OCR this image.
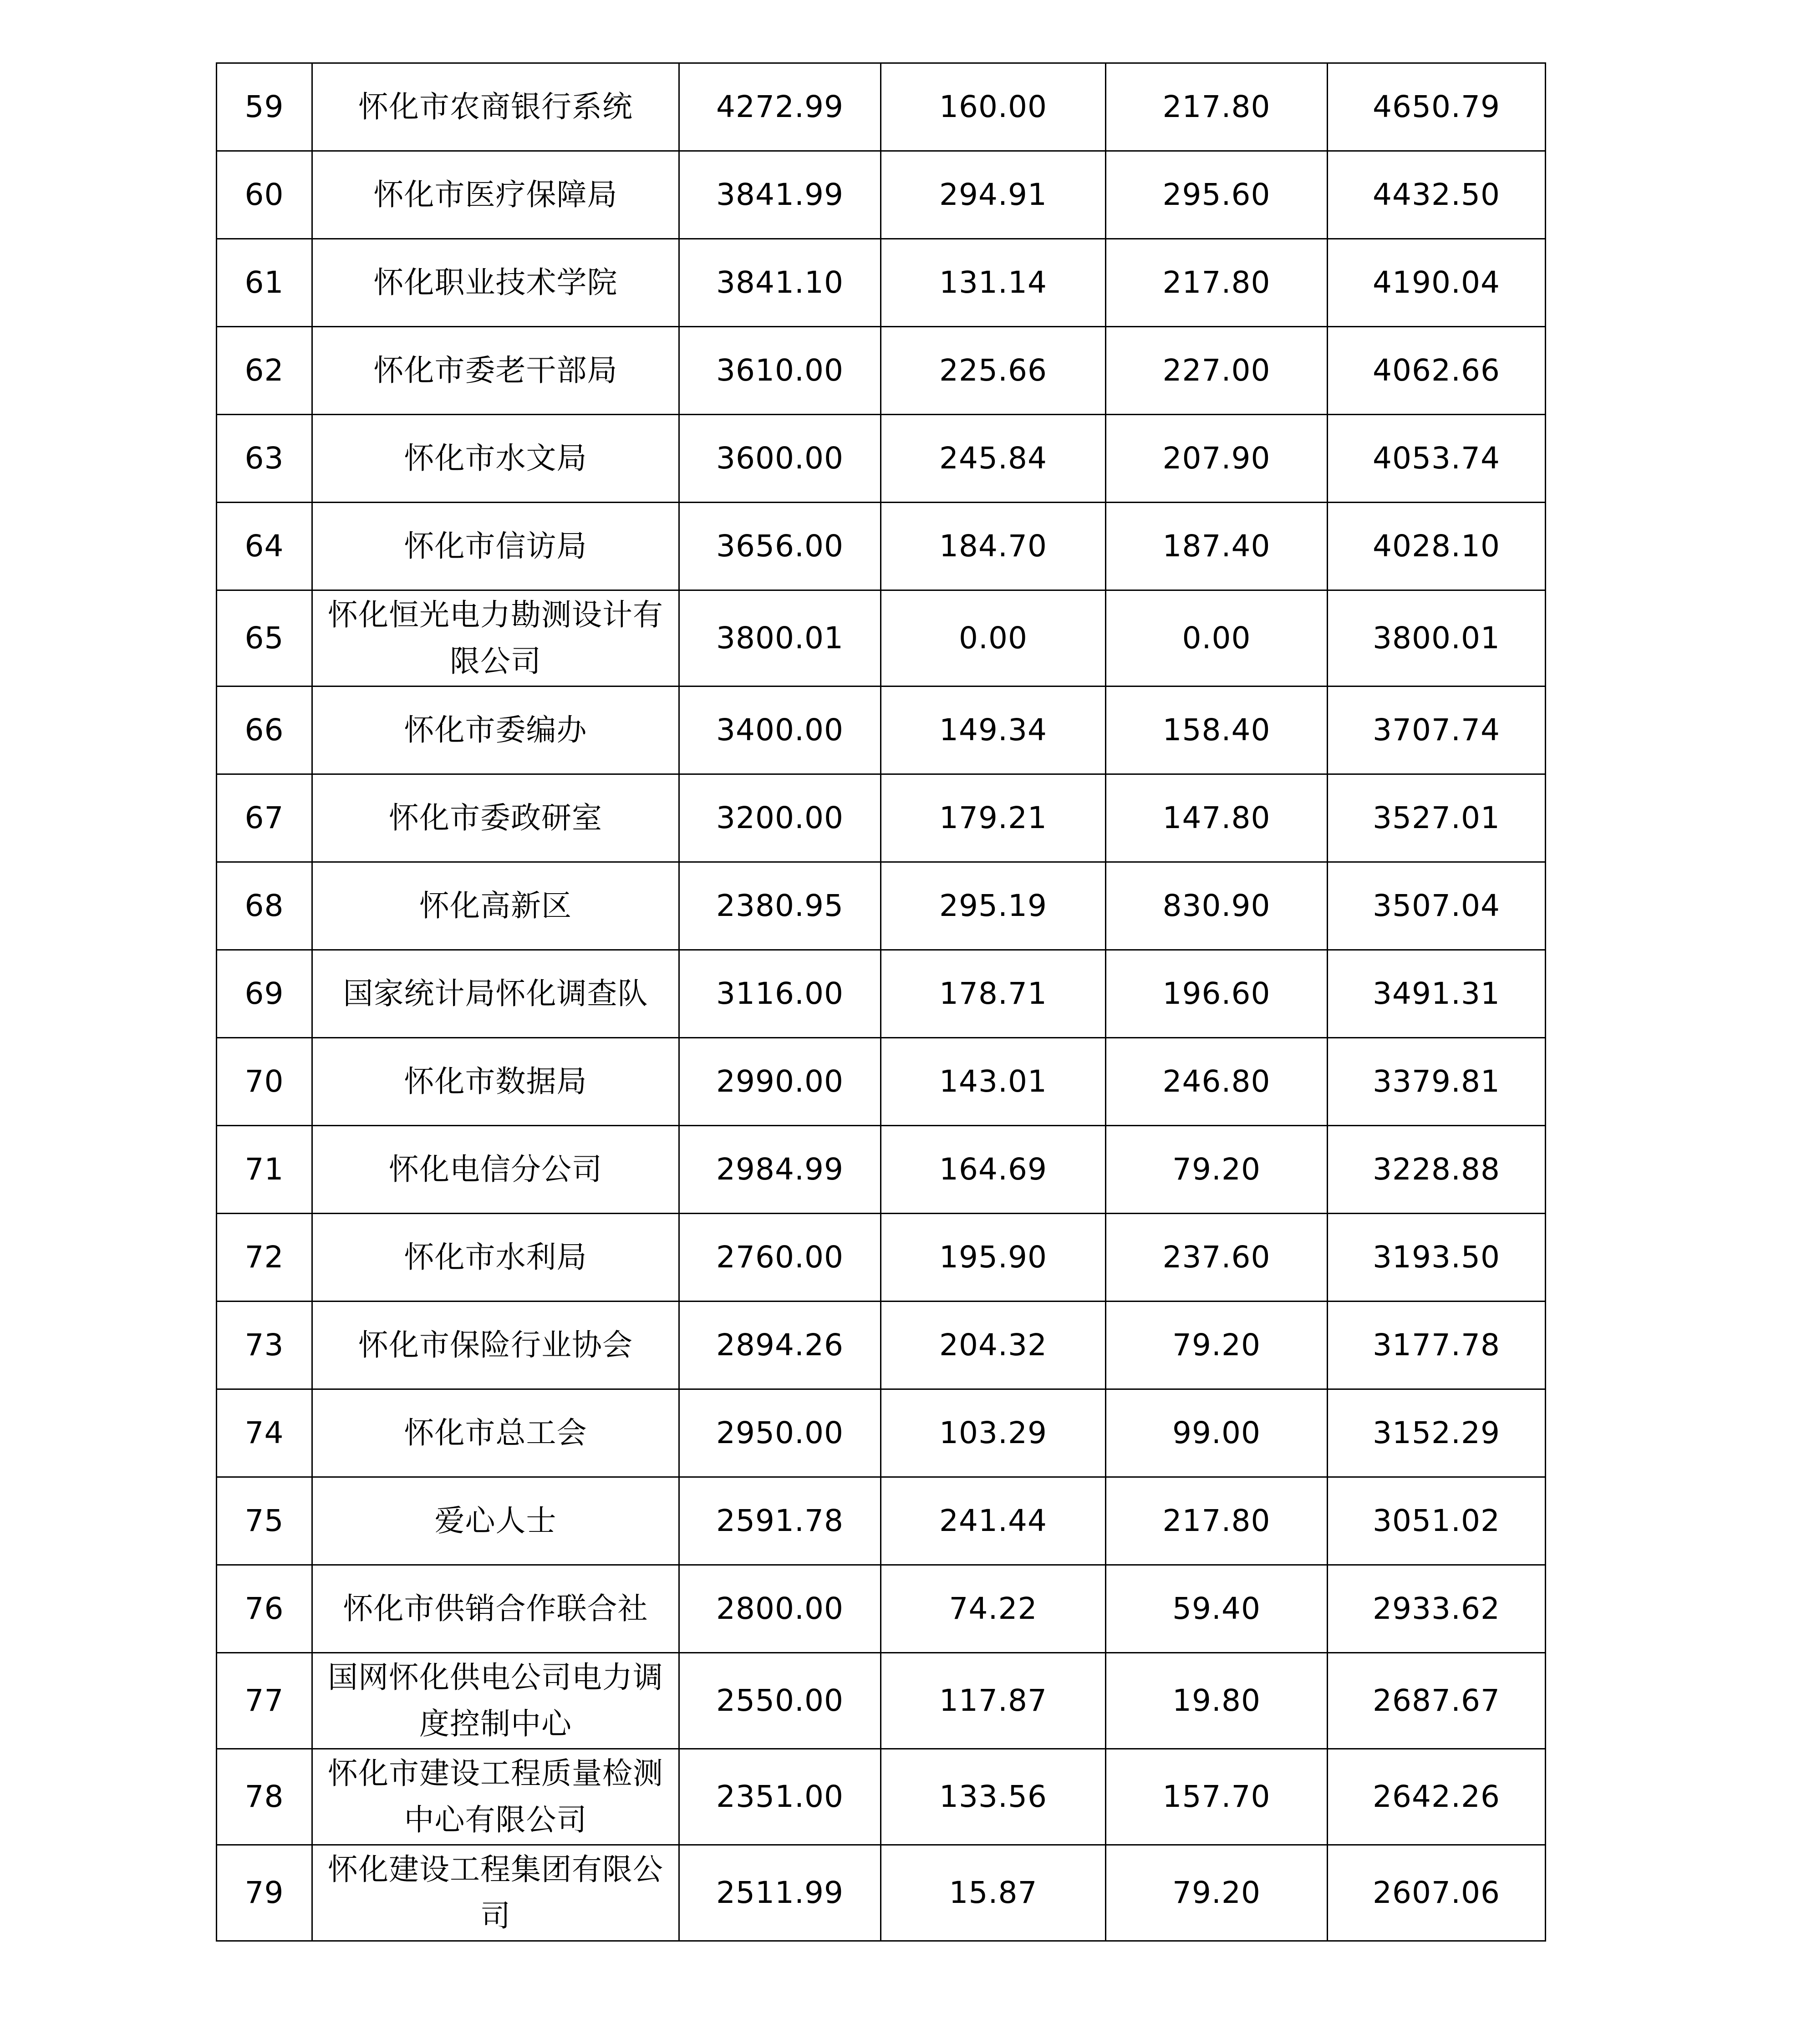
59	怀化市农商银行系统	4272.99	160.00	217.80	4650.79
60	怀化市医疗保障局	3841.99	294.91	295.60	4432.50
61	怀化职业技术学院	3841.10	131.14	217.80	4190.04
62	怀化市委老干部局	3610.00	225.66	227.00	4062.66
63	怀化市水文局	3600.00	245.84	207.90	4053.74
64	怀化市信访局	3656.00	184.70	187.40	4028.10
65	怀化恒光电力勘测设计有限公司	3800.01	0.00	0.00	3800.01
66	怀化市委编办	3400.00	149.34	158.40	3707.74
67	怀化市委政研室	3200.00	179.21	147.80	3527.01
68	怀化高新区	2380.95	295.19	830.90	3507.04
69	国家统计局怀化调查队	3116.00	178.71	196.60	3491.31
70	怀化市数据局	2990.00	143.01	246.80	3379.81
71	怀化电信分公司	2984.99	164.69	79.20	3228.88
72	怀化市水利局	2760.00	195.90	237.60	3193.50
73	怀化市保险行业协会	2894.26	204.32	79.20	3177.78
74	怀化市总工会	2950.00	103.29	99.00	3152.29
75	爱心人士	2591.78	241.44	217.80	3051.02
76	怀化市供销合作联合社	2800.00	74.22	59.40	2933.62
77	国网怀化供电公司电力调度控制中心	2550.00	117.87	19.80	2687.67
78	怀化市建设工程质量检测中心有限公司	2351.00	133.56	157.70	2642.26
79	怀化建设工程集团有限公司	2511.99	15.87	79.20	2607.06
